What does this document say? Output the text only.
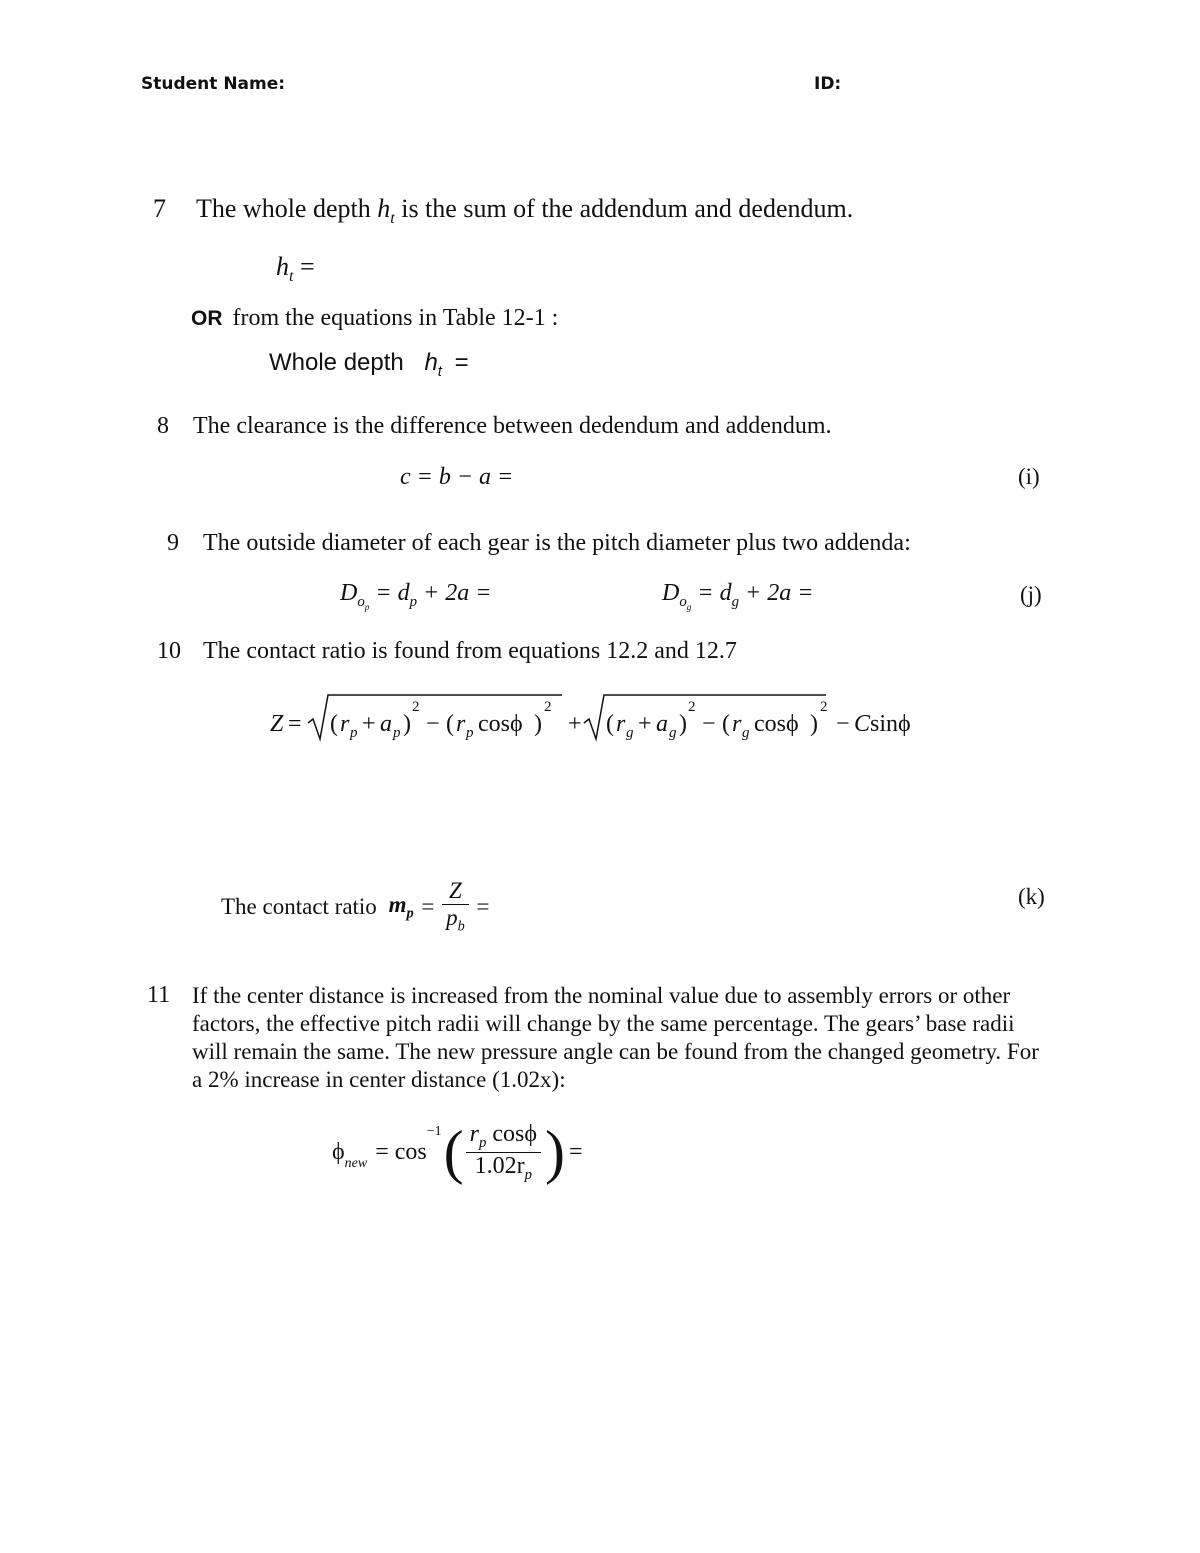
Student Name:	ID:
7 The whole depth $h_t$ is the sum of the addendum and dedendum.
$h_t$ =
OR from the equations in Table 12-1 :
Whole depth $h_t$ =
8 The clearance is the difference between dedendum and addendum.
c = b − a =	(i)
9 The outside diameter of each gear is the pitch diameter plus two addenda:
$D_{o_p} = d_p + 2a$ =	$D_{o_g} = d_g + 2a$ =	(j)
10 The contact ratio is found from equations 12.2 and 12.7
Z = ( r p + a p )
2
− ( r p cosϕ )
2
+ ( r g + a g )
2
− ( r g cosϕ )
2
− C sinϕ
The contact ratio $m_p = \frac{Z}{p_b}$ =	(k)
11 If the center distance is increased from the nominal value due to assembly errors or other factors, the effective pitch radii will change by the same percentage. The gears’ base radii will remain the same. The new pressure angle can be found from the changed geometry. For a 2% increase in center distance (1.02x):
$\phi_{new} = \cos$
$^{-1}$ ( $\frac{r_p \cos\phi}{1.02r_p}$ ) =
